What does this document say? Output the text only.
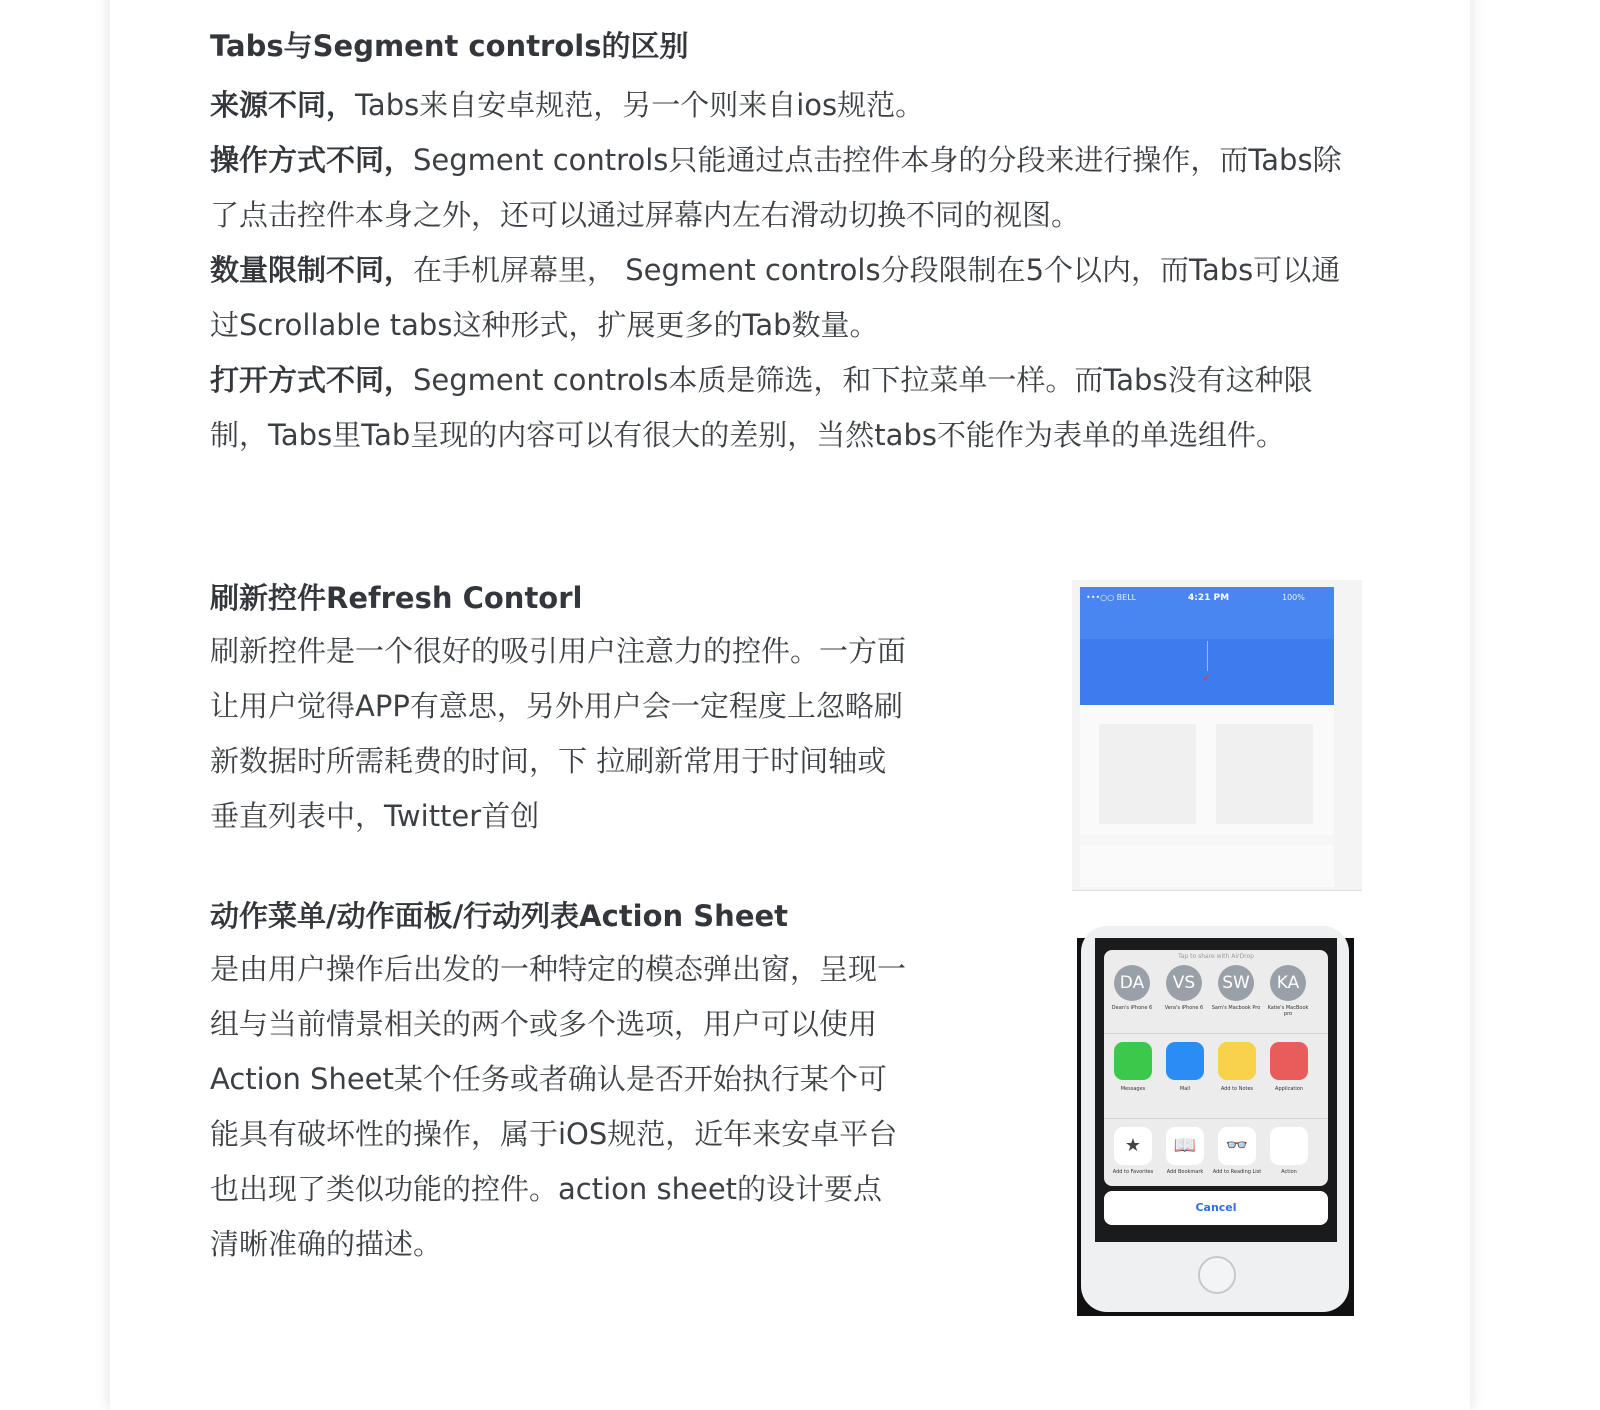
Tabs与Segment controls的区别

来源不同，Tabs来自安卓规范，另一个则来自ios规范。

操作方式不同，Segment controls只能通过点击控件本身的分段来进行操作，而Tabs除了点击控件本身之外，还可以通过屏幕内左右滑动切换不同的视图。

数量限制不同，在手机屏幕里， Segment controls分段限制在5个以内，而Tabs可以通过Scrollable tabs这种形式，扩展更多的Tab数量。

打开方式不同，Segment controls本质是筛选，和下拉菜单一样。而Tabs没有这种限制，Tabs里Tab呈现的内容可以有很大的差别，当然tabs不能作为表单的单选组件。

刷新控件Refresh Contorl

刷新控件是一个很好的吸引用户注意力的控件。一方面让用户觉得APP有意思，另外用户会一定程度上忽略刷新数据时所需耗费的时间，下 拉刷新常用于时间轴或垂直列表中，Twitter首创

动作菜单/动作面板/行动列表Action Sheet

是由用户操作后出发的一种特定的模态弹出窗，呈现一组与当前情景相关的两个或多个选项，用户可以使用Action Sheet某个任务或者确认是否开始执行某个可能具有破坏性的操作，属于iOS规范，近年来安卓平台也出现了类似功能的控件。action sheet的设计要点清晰准确的描述。

•••○○ BELL	4:21 PM	100%
✓
Tap to share with AirDrop
DA
Dean's iPhone 6
VS
Vera's iPhone 6
SW
Sam's Macbook Pro
KA
Katie's MacBook pro
Messages	Mail	Add to Notes	Application
★
Add to Favorites
📖
Add Bookmark
👓
Add to Reading List	Action
Cancel
